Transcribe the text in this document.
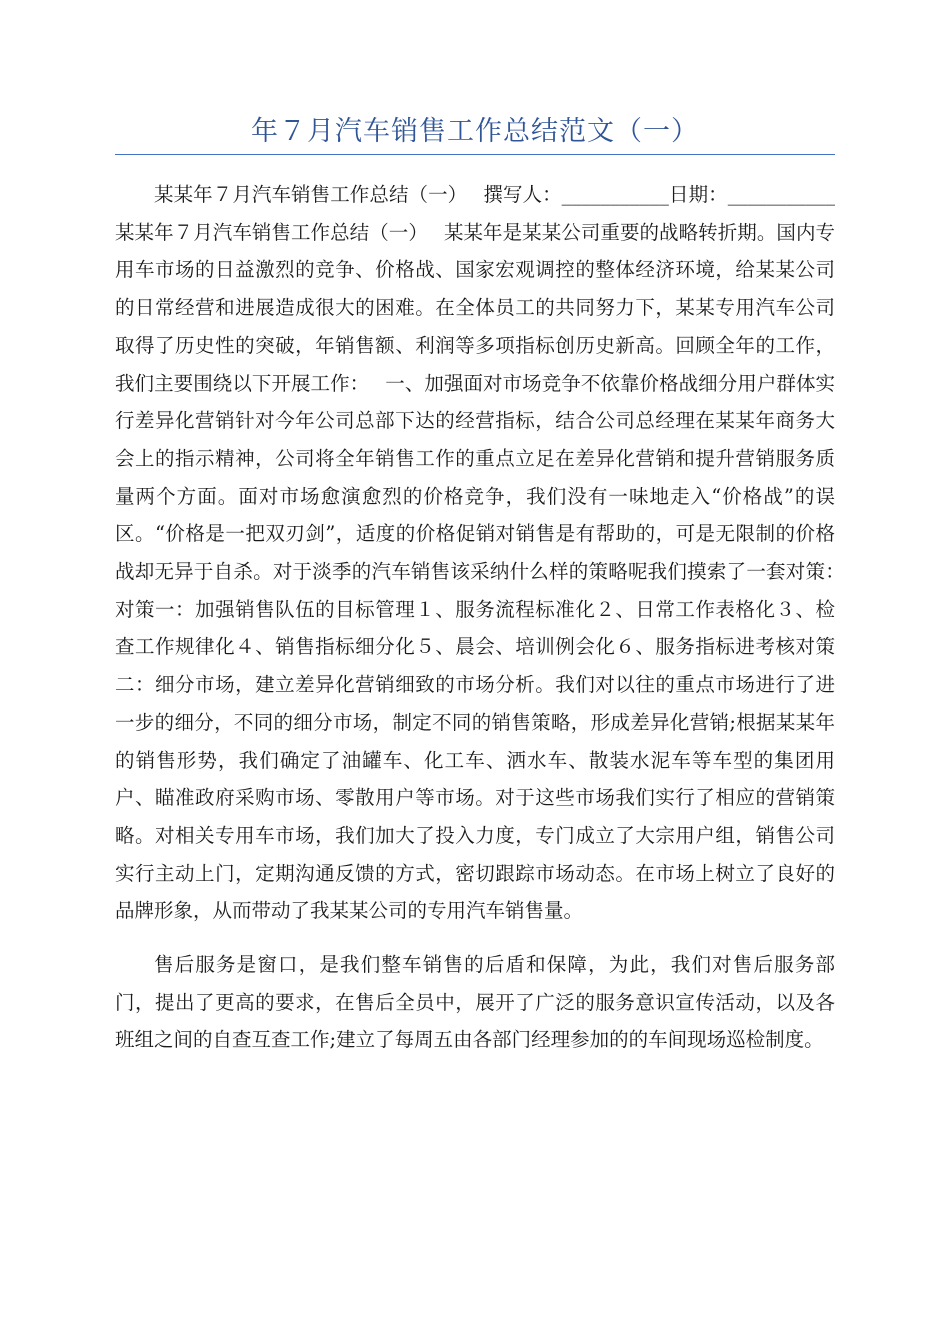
年７月汽车销售工作总结范文（一）

某某年７月汽车销售工作总结（一）　 撰写人：___________日期：___________某某年７月汽车销售工作总结（一）　 某某年是某某公司重要的战略转折期。国内专用车市场的日益激烈的竞争、价格战、国家宏观调控的整体经济环境，给某某公司的日常经营和进展造成很大的困难。在全体员工的共同努力下，某某专用汽车公司取得了历史性的突破，年销售额、利润等多项指标创历史新高。回顾全年的工作，我们主要围绕以下开展工作：　 一、加强面对市场竞争不依靠价格战细分用户群体实行差异化营销针对今年公司总部下达的经营指标，结合公司总经理在某某年商务大会上的指示精神，公司将全年销售工作的重点立足在差异化营销和提升营销服务质量两个方面。面对市场愈演愈烈的价格竞争，我们没有一味地走入“价格战”的误区。“价格是一把双刃剑”，适度的价格促销对销售是有帮助的，可是无限制的价格战却无异于自杀。对于淡季的汽车销售该采纳什么样的策略呢我们摸索了一套对策：　 对策一：加强销售队伍的目标管理１、服务流程标准化２、日常工作表格化３、检查工作规律化４、销售指标细分化５、晨会、培训例会化６、服务指标进考核对策二：细分市场，建立差异化营销细致的市场分析。我们对以往的重点市场进行了进一步的细分，不同的细分市场，制定不同的销售策略，形成差异化营销;根据某某年的销售形势，我们确定了油罐车、化工车、洒水车、散装水泥车等车型的集团用户、瞄准政府采购市场、零散用户等市场。对于这些市场我们实行了相应的营销策略。对相关专用车市场，我们加大了投入力度，专门成立了大宗用户组，销售公司实行主动上门，定期沟通反馈的方式，密切跟踪市场动态。在市场上树立了良好的品牌形象，从而带动了我某某公司的专用汽车销售量。

售后服务是窗口，是我们整车销售的后盾和保障，为此，我们对售后服务部门，提出了更高的要求，在售后全员中，展开了广泛的服务意识宣传活动，以及各班组之间的自查互查工作;建立了每周五由各部门经理参加的的车间现场巡检制度。
